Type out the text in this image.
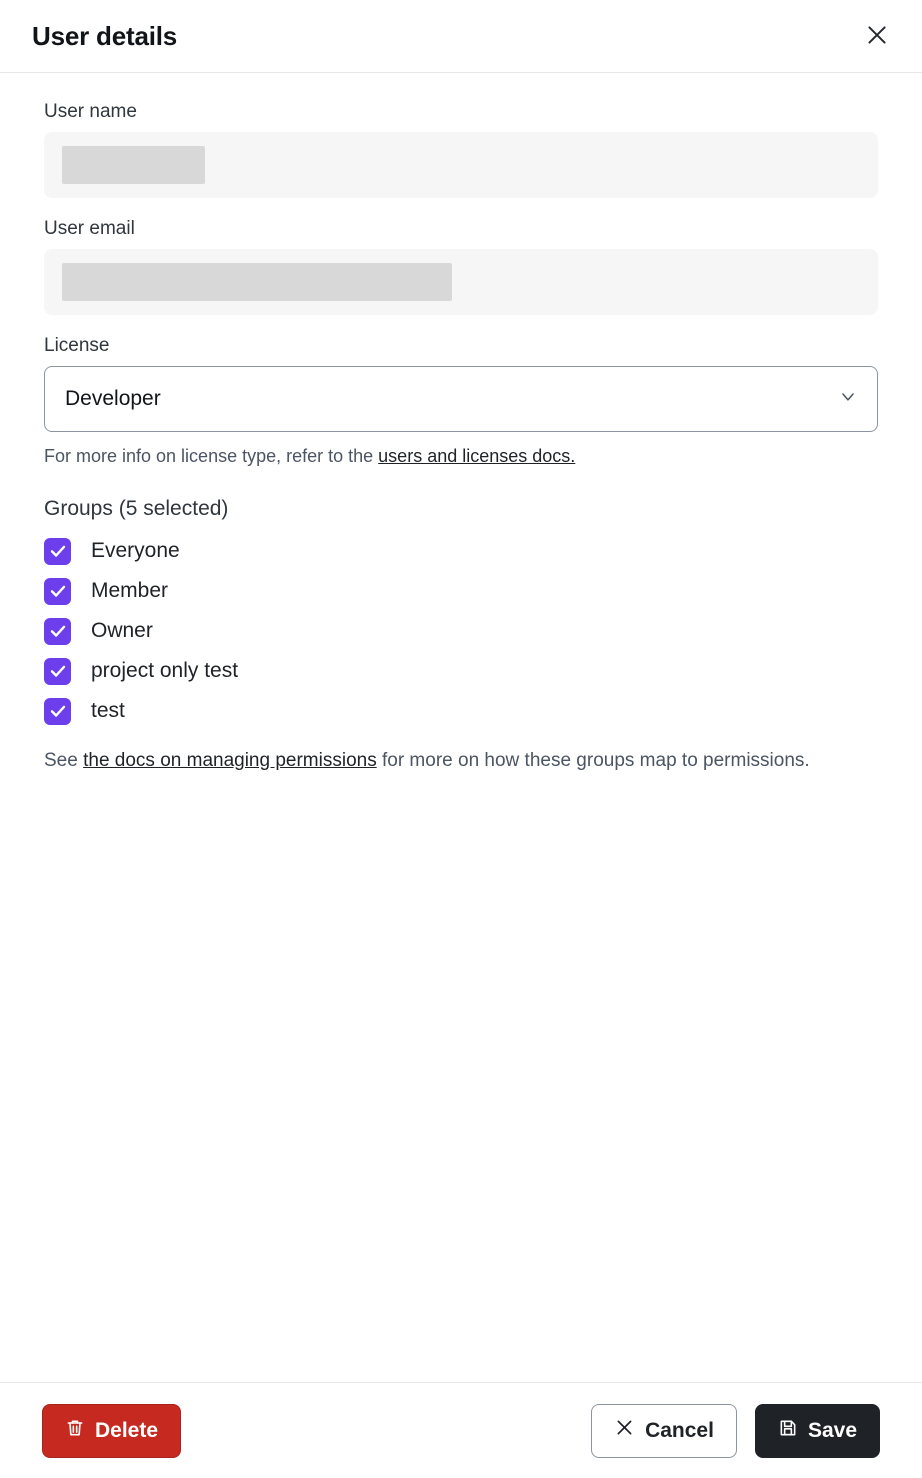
User details
User name
User email
License
Developer
For more info on license type, refer to the users and licenses docs.
Groups (5 selected)
Everyone
Member
Owner
project only test
test
See the docs on managing permissions for more on how these groups map to permissions.
Delete	Cancel	Save
